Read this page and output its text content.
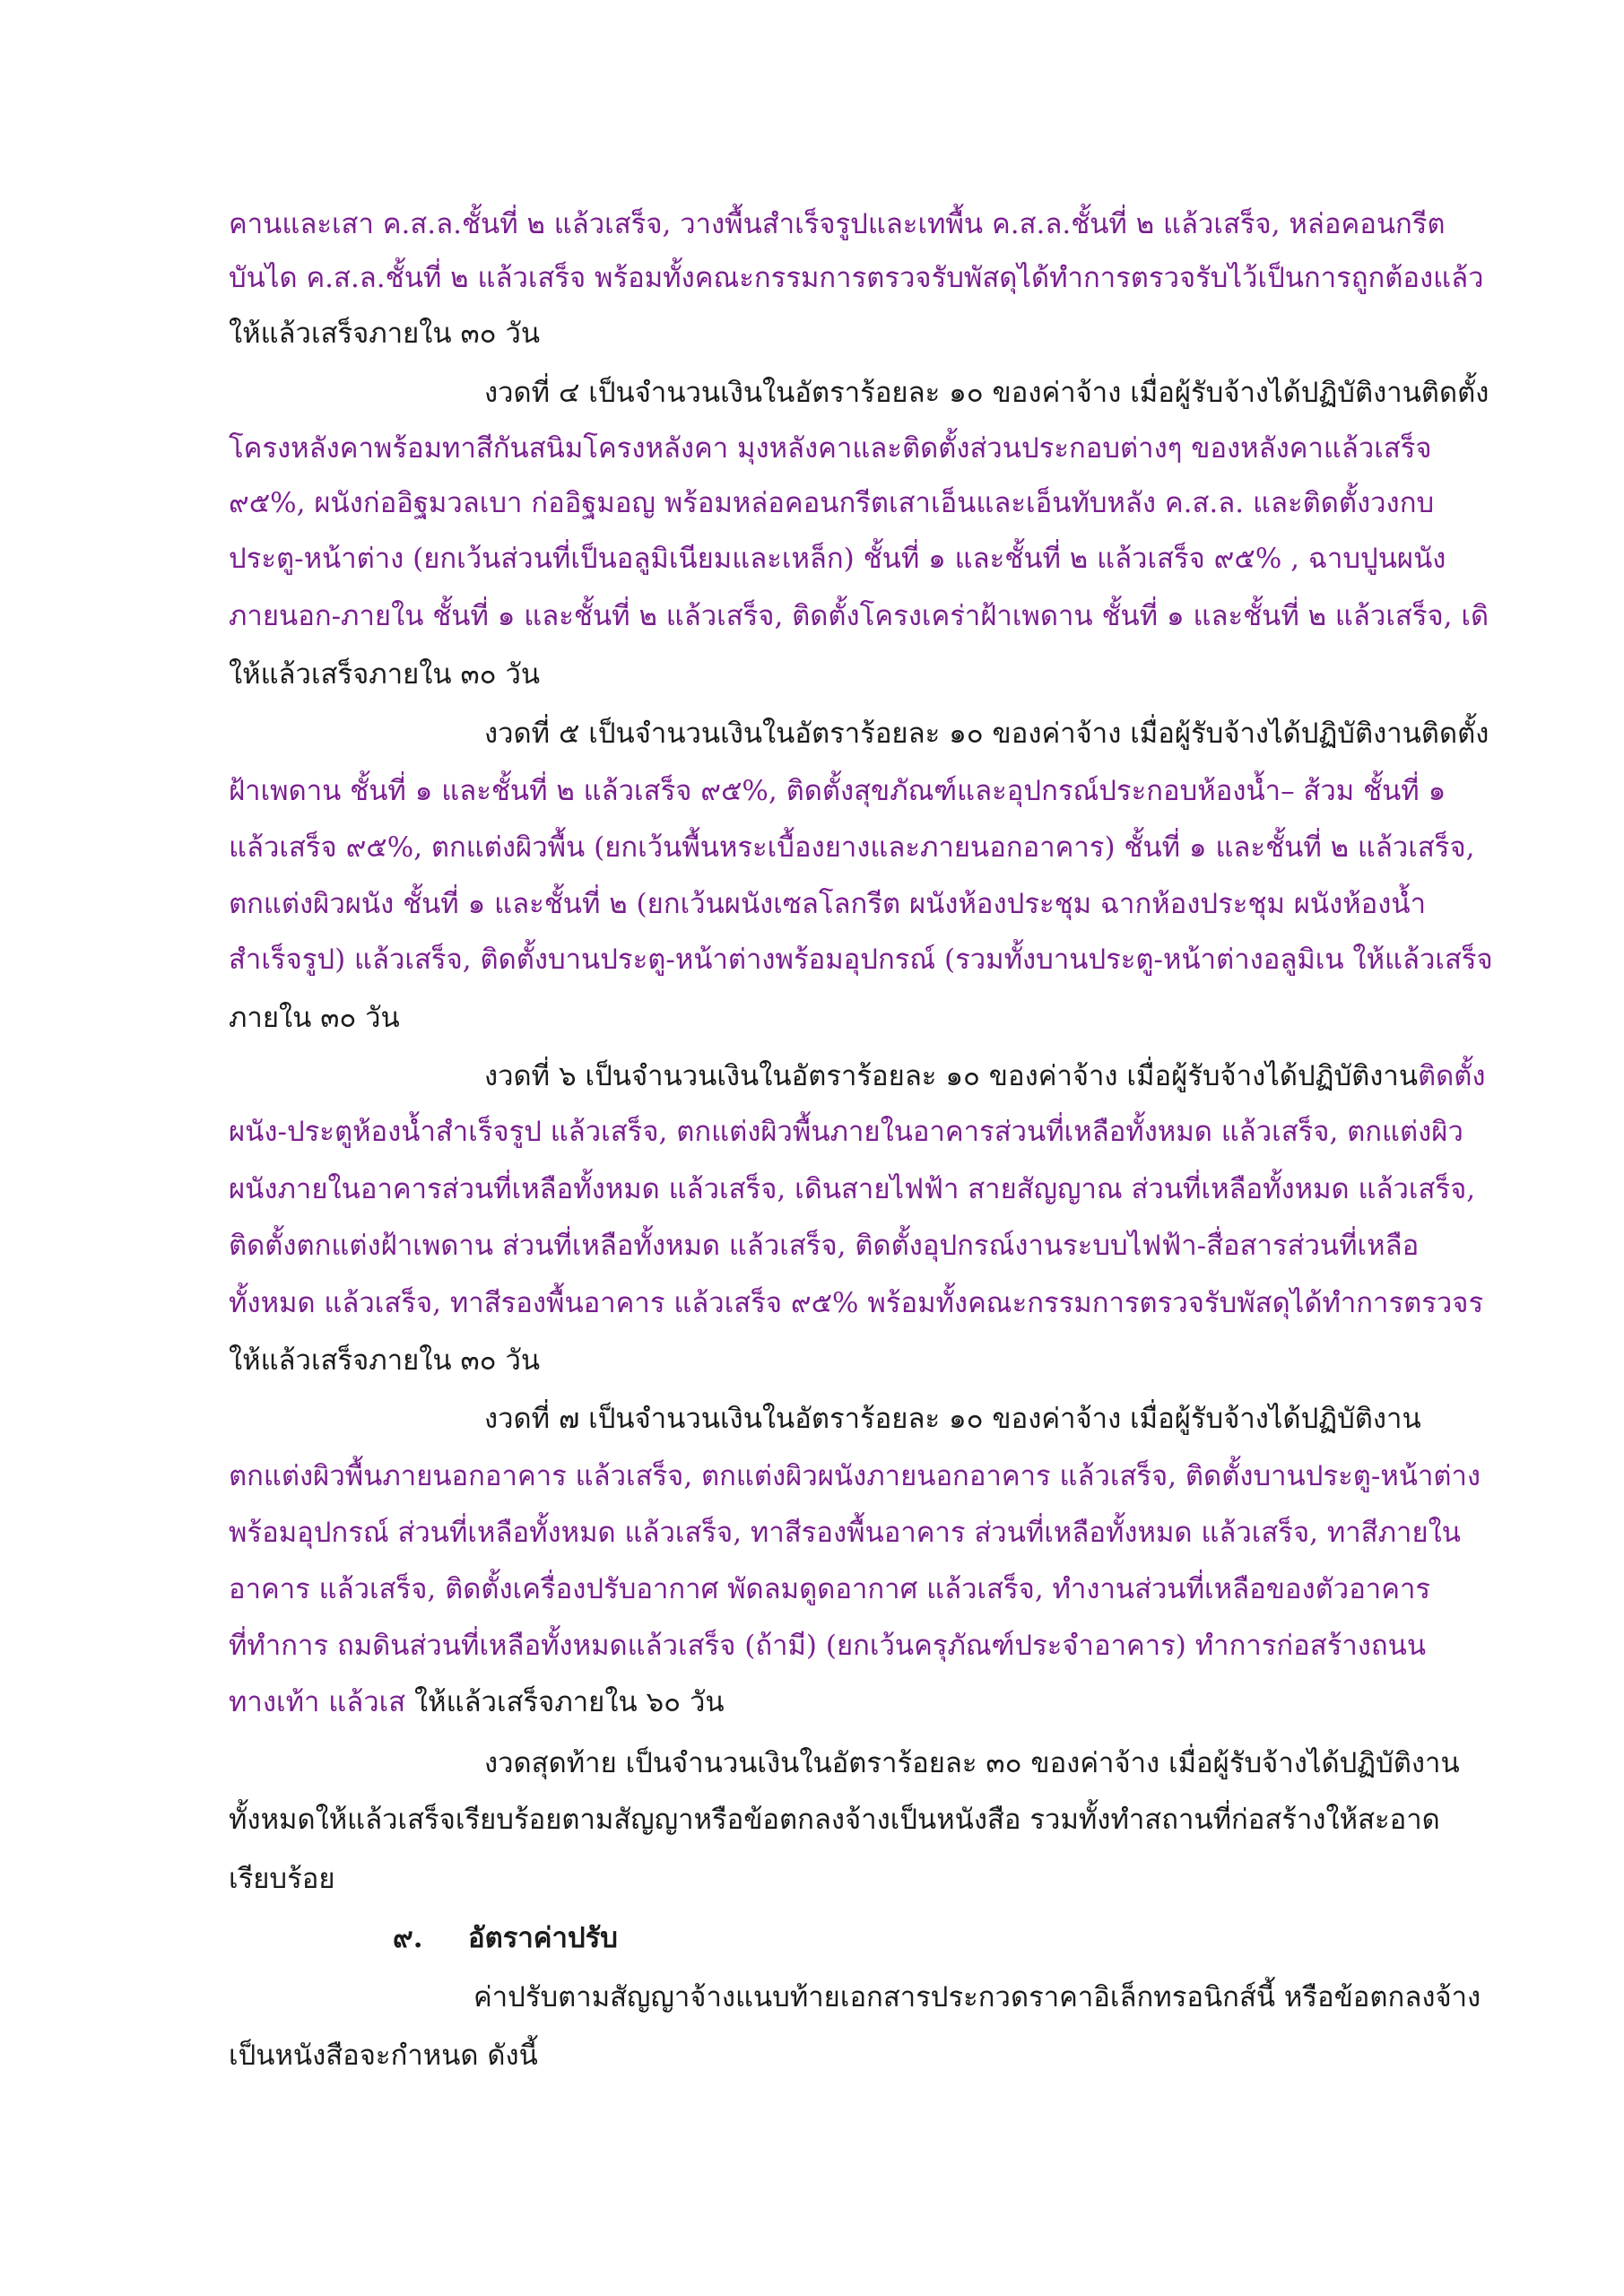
คานและเสา ค.ส.ล.ชั้นที่ ๒ แล้วเสร็จ, วางพื้นสำเร็จรูปและเทพื้น ค.ส.ล.ชั้นที่ ๒ แล้วเสร็จ, หล่อคอนกรีต
บันได ค.ส.ล.ชั้นที่ ๒ แล้วเสร็จ พร้อมทั้งคณะกรรมการตรวจรับพัสดุได้ทำการตรวจรับไว้เป็นการถูกต้องแล้ว
ให้แล้วเสร็จภายใน ๓๐ วัน
งวดที่ ๔ เป็นจำนวนเงินในอัตราร้อยละ ๑๐ ของค่าจ้าง เมื่อผู้รับจ้างได้ปฏิบัติงานติดตั้ง
โครงหลังคาพร้อมทาสีกันสนิมโครงหลังคา มุงหลังคาและติดตั้งส่วนประกอบต่างๆ ของหลังคาแล้วเสร็จ
๙๕%, ผนังก่ออิฐมวลเบา ก่ออิฐมอญ พร้อมหล่อคอนกรีตเสาเอ็นและเอ็นทับหลัง ค.ส.ล. และติดตั้งวงกบ
ประตู-หน้าต่าง (ยกเว้นส่วนที่เป็นอลูมิเนียมและเหล็ก) ชั้นที่ ๑ และชั้นที่ ๒ แล้วเสร็จ ๙๕% , ฉาบปูนผนัง
ภายนอก-ภายใน ชั้นที่ ๑ และชั้นที่ ๒ แล้วเสร็จ, ติดตั้งโครงเคร่าฝ้าเพดาน ชั้นที่ ๑ และชั้นที่ ๒ แล้วเสร็จ, เดิ
ให้แล้วเสร็จภายใน ๓๐ วัน
งวดที่ ๕ เป็นจำนวนเงินในอัตราร้อยละ ๑๐ ของค่าจ้าง เมื่อผู้รับจ้างได้ปฏิบัติงานติดตั้ง
ฝ้าเพดาน ชั้นที่ ๑ และชั้นที่ ๒ แล้วเสร็จ ๙๕%, ติดตั้งสุขภัณฑ์และอุปกรณ์ประกอบห้องน้ำ– ส้วม ชั้นที่ ๑
แล้วเสร็จ ๙๕%, ตกแต่งผิวพื้น (ยกเว้นพื้นหระเบื้องยางและภายนอกอาคาร) ชั้นที่ ๑ และชั้นที่ ๒ แล้วเสร็จ,
ตกแต่งผิวผนัง ชั้นที่ ๑ และชั้นที่ ๒ (ยกเว้นผนังเซลโลกรีต ผนังห้องประชุม ฉากห้องประชุม ผนังห้องน้ำ
สำเร็จรูป) แล้วเสร็จ, ติดตั้งบานประตู-หน้าต่างพร้อมอุปกรณ์ (รวมทั้งบานประตู-หน้าต่างอลูมิเน ให้แล้วเสร็จ
ภายใน ๓๐ วัน
งวดที่ ๖ เป็นจำนวนเงินในอัตราร้อยละ ๑๐ ของค่าจ้าง เมื่อผู้รับจ้างได้ปฏิบัติงานติดตั้ง
ผนัง-ประตูห้องน้ำสำเร็จรูป แล้วเสร็จ, ตกแต่งผิวพื้นภายในอาคารส่วนที่เหลือทั้งหมด แล้วเสร็จ, ตกแต่งผิว
ผนังภายในอาคารส่วนที่เหลือทั้งหมด แล้วเสร็จ, เดินสายไฟฟ้า สายสัญญาณ ส่วนที่เหลือทั้งหมด แล้วเสร็จ,
ติดตั้งตกแต่งฝ้าเพดาน ส่วนที่เหลือทั้งหมด แล้วเสร็จ, ติดตั้งอุปกรณ์งานระบบไฟฟ้า-สื่อสารส่วนที่เหลือ
ทั้งหมด แล้วเสร็จ, ทาสีรองพื้นอาคาร แล้วเสร็จ ๙๕% พร้อมทั้งคณะกรรมการตรวจรับพัสดุได้ทำการตรวจร
ให้แล้วเสร็จภายใน ๓๐ วัน
งวดที่ ๗ เป็นจำนวนเงินในอัตราร้อยละ ๑๐ ของค่าจ้าง เมื่อผู้รับจ้างได้ปฏิบัติงาน
ตกแต่งผิวพื้นภายนอกอาคาร แล้วเสร็จ, ตกแต่งผิวผนังภายนอกอาคาร แล้วเสร็จ, ติดตั้งบานประตู-หน้าต่าง
พร้อมอุปกรณ์ ส่วนที่เหลือทั้งหมด แล้วเสร็จ, ทาสีรองพื้นอาคาร ส่วนที่เหลือทั้งหมด แล้วเสร็จ, ทาสีภายใน
อาคาร แล้วเสร็จ, ติดตั้งเครื่องปรับอากาศ พัดลมดูดอากาศ แล้วเสร็จ, ทำงานส่วนที่เหลือของตัวอาคาร
ที่ทำการ ถมดินส่วนที่เหลือทั้งหมดแล้วเสร็จ (ถ้ามี) (ยกเว้นครุภัณฑ์ประจำอาคาร) ทำการก่อสร้างถนน
ทางเท้า แล้วเส ให้แล้วเสร็จภายใน ๖๐ วัน
งวดสุดท้าย เป็นจำนวนเงินในอัตราร้อยละ ๓๐ ของค่าจ้าง เมื่อผู้รับจ้างได้ปฏิบัติงาน
ทั้งหมดให้แล้วเสร็จเรียบร้อยตามสัญญาหรือข้อตกลงจ้างเป็นหนังสือ รวมทั้งทำสถานที่ก่อสร้างให้สะอาด
เรียบร้อย
๙. อัตราค่าปรับ
ค่าปรับตามสัญญาจ้างแนบท้ายเอกสารประกวดราคาอิเล็กทรอนิกส์นี้ หรือข้อตกลงจ้าง
เป็นหนังสือจะกำหนด ดังนี้
